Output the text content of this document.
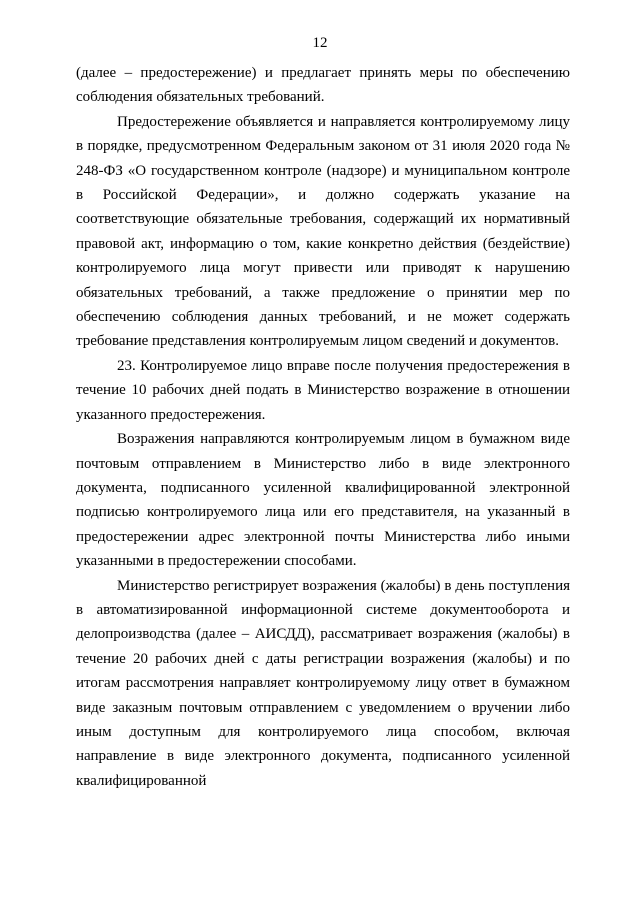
12

(далее – предостережение) и предлагает принять меры по обеспечению соблюдения обязательных требований.

Предостережение объявляется и направляется контролируемому лицу в порядке, предусмотренном Федеральным законом от 31 июля 2020 года № 248-ФЗ «О государственном контроле (надзоре) и муниципальном контроле в Российской Федерации», и должно содержать указание на соответствующие обязательные требования, содержащий их нормативный правовой акт, информацию о том, какие конкретно действия (бездействие) контролируемого лица могут привести или приводят к нарушению обязательных требований, а также предложение о принятии мер по обеспечению соблюдения данных требований, и не может содержать требование представления контролируемым лицом сведений и документов.

23. Контролируемое лицо вправе после получения предостережения в течение 10 рабочих дней подать в Министерство возражение в отношении указанного предостережения.

Возражения направляются контролируемым лицом в бумажном виде почтовым отправлением в Министерство либо в виде электронного документа, подписанного усиленной квалифицированной электронной подписью контролируемого лица или его представителя, на указанный в предостережении адрес электронной почты Министерства либо иными указанными в предостережении способами.

Министерство регистрирует возражения (жалобы) в день поступления в автоматизированной информационной системе документооборота и делопроизводства (далее – АИСДД), рассматривает возражения (жалобы) в течение 20 рабочих дней с даты регистрации возражения (жалобы) и по итогам рассмотрения направляет контролируемому лицу ответ в бумажном виде заказным почтовым отправлением с уведомлением о вручении либо иным доступным для контролируемого лица способом, включая направление в виде электронного документа, подписанного усиленной квалифицированной
